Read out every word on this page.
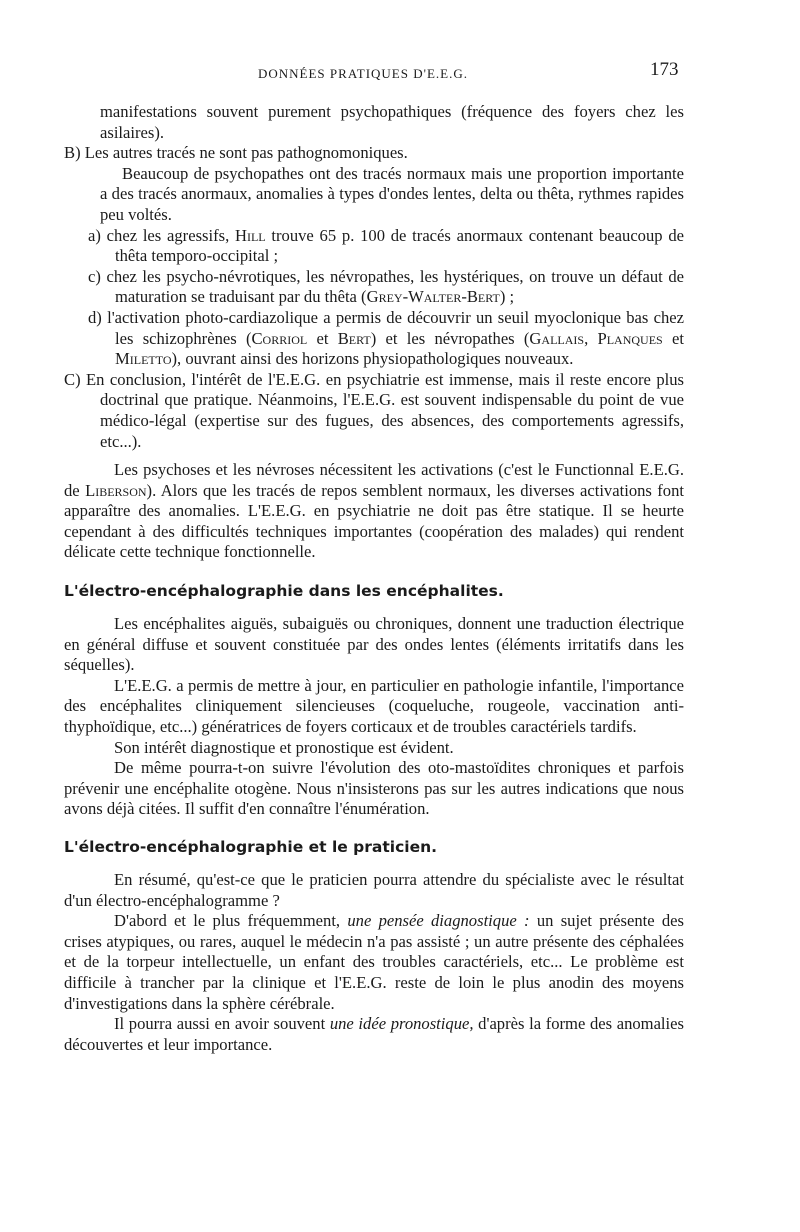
DONNÉES PRATIQUES D'E.E.G.	173

manifestations souvent purement psychopathiques (fréquence des foyers chez les asilaires).

B) Les autres tracés ne sont pas pathognomoniques.

Beaucoup de psychopathes ont des tracés normaux mais une proportion importante a des tracés anormaux, anomalies à types d'ondes lentes, delta ou thêta, rythmes rapides peu voltés.

a) chez les agressifs, Hill trouve 65 p. 100 de tracés anormaux contenant beaucoup de thêta temporo-occipital ;

c) chez les psycho-névrotiques, les névropathes, les hystériques, on trouve un défaut de maturation se traduisant par du thêta (Grey-Walter-Bert) ;

d) l'activation photo-cardiazolique a permis de découvrir un seuil myoclonique bas chez les schizophrènes (Corriol et Bert) et les névropathes (Gallais, Planques et Miletto), ouvrant ainsi des horizons physiopathologiques nouveaux.

C) En conclusion, l'intérêt de l'E.E.G. en psychiatrie est immense, mais il reste encore plus doctrinal que pratique. Néanmoins, l'E.E.G. est souvent indispensable du point de vue médico-légal (expertise sur des fugues, des absences, des comportements agressifs, etc...).

Les psychoses et les névroses nécessitent les activations (c'est le Functionnal E.E.G. de Liberson). Alors que les tracés de repos semblent normaux, les diverses activations font apparaître des anomalies. L'E.E.G. en psychiatrie ne doit pas être statique. Il se heurte cependant à des difficultés techniques importantes (coopération des malades) qui rendent délicate cette technique fonctionnelle.

L'électro-encéphalographie dans les encéphalites.

Les encéphalites aiguës, subaiguës ou chroniques, donnent une traduction électrique en général diffuse et souvent constituée par des ondes lentes (éléments irritatifs dans les séquelles).

L'E.E.G. a permis de mettre à jour, en particulier en pathologie infantile, l'importance des encéphalites cliniquement silencieuses (coqueluche, rougeole, vaccination anti-thyphoïdique, etc...) génératrices de foyers corticaux et de troubles caractériels tardifs.

Son intérêt diagnostique et pronostique est évident.

De même pourra-t-on suivre l'évolution des oto-mastoïdites chroniques et parfois prévenir une encéphalite otogène. Nous n'insisterons pas sur les autres indications que nous avons déjà citées. Il suffit d'en connaître l'énumération.

L'électro-encéphalographie et le praticien.

En résumé, qu'est-ce que le praticien pourra attendre du spécialiste avec le résultat d'un électro-encéphalogramme ?

D'abord et le plus fréquemment, une pensée diagnostique : un sujet présente des crises atypiques, ou rares, auquel le médecin n'a pas assisté ; un autre présente des céphalées et de la torpeur intellectuelle, un enfant des troubles caractériels, etc... Le problème est difficile à trancher par la clinique et l'E.E.G. reste de loin le plus anodin des moyens d'investigations dans la sphère cérébrale.

Il pourra aussi en avoir souvent une idée pronostique, d'après la forme des anomalies découvertes et leur importance.
